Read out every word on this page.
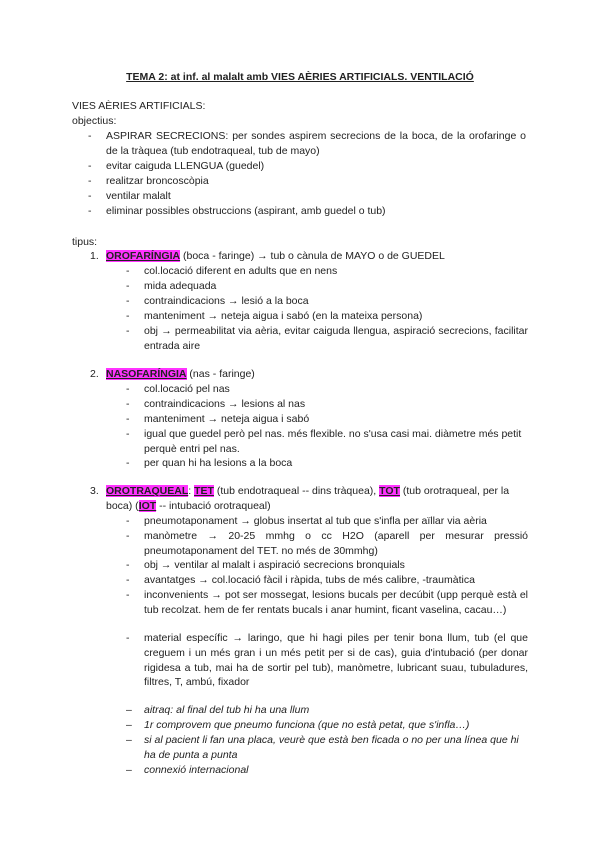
TEMA 2: at inf. al malalt amb VIES AÈRIES ARTIFICIALS. VENTILACIÓ
VIES AÈRIES ARTIFICIALS:
objectius:
-	ASPIRAR SECRECIONS: per sondes aspirem secrecions de la boca, de la orofaringe o de la tràquea (tub endotraqueal, tub de mayo)
-	evitar caiguda LLENGUA (guedel)
-	realitzar broncoscòpia
-	ventilar malalt
-	eliminar possibles obstruccions (aspirant, amb guedel o tub)
tipus:
1. OROFARÍNGIA (boca - faringe) → tub o cànula de MAYO o de GUEDEL
-	col.locació diferent en adults que en nens
-	mida adequada
-	contraindicacions → lesió a la boca
-	manteniment → neteja aigua i sabó (en la mateixa persona)
-	obj → permeabilitat via aèria, evitar caiguda llengua, aspiració secrecions, facilitar entrada aire
2. NASOFARÍNGIA (nas - faringe)
-	col.locació pel nas
-	contraindicacions → lesions al nas
-	manteniment → neteja aigua i sabó
-	igual que guedel però pel nas. més flexible. no s'usa casi mai. diàmetre més petit perquè entri pel nas.
-	per quan hi ha lesions a la boca
3. OROTRAQUEAL: TET (tub endotraqueal -- dins tràquea), TOT (tub orotraqueal, per la boca) (IOT -- intubació orotraqueal)
-	pneumotaponament → globus insertat al tub que s'infla per aïllar via aèria
-	manòmetre → 20-25 mmhg o cc H2O (aparell per mesurar pressió pneumotaponament del TET. no més de 30mmhg)
-	obj → ventilar al malalt i aspiració secrecions bronquials
-	avantatges → col.locació fàcil i ràpida, tubs de més calibre, -traumàtica
-	inconvenients → pot ser mossegat, lesions bucals per decúbit (upp perquè està el tub recolzat. hem de fer rentats bucals i anar humint, ficant vaselina, cacau…)
-	material específic → laringo, que hi hagi piles per tenir bona llum, tub (el que creguem i un més gran i un més petit per si de cas), guia d'intubació (per donar rigidesa a tub, mai ha de sortir pel tub), manòmetre, lubricant suau, tubuladures, filtres, T, ambú, fixador
–	aitraq: al final del tub hi ha una llum
–	1r comprovem que pneumo funciona (que no està petat, que s'infla…)
–	si al pacient li fan una placa, veurè que està ben ficada o no per una línea que hi ha de punta a punta
–	connexió internacional
